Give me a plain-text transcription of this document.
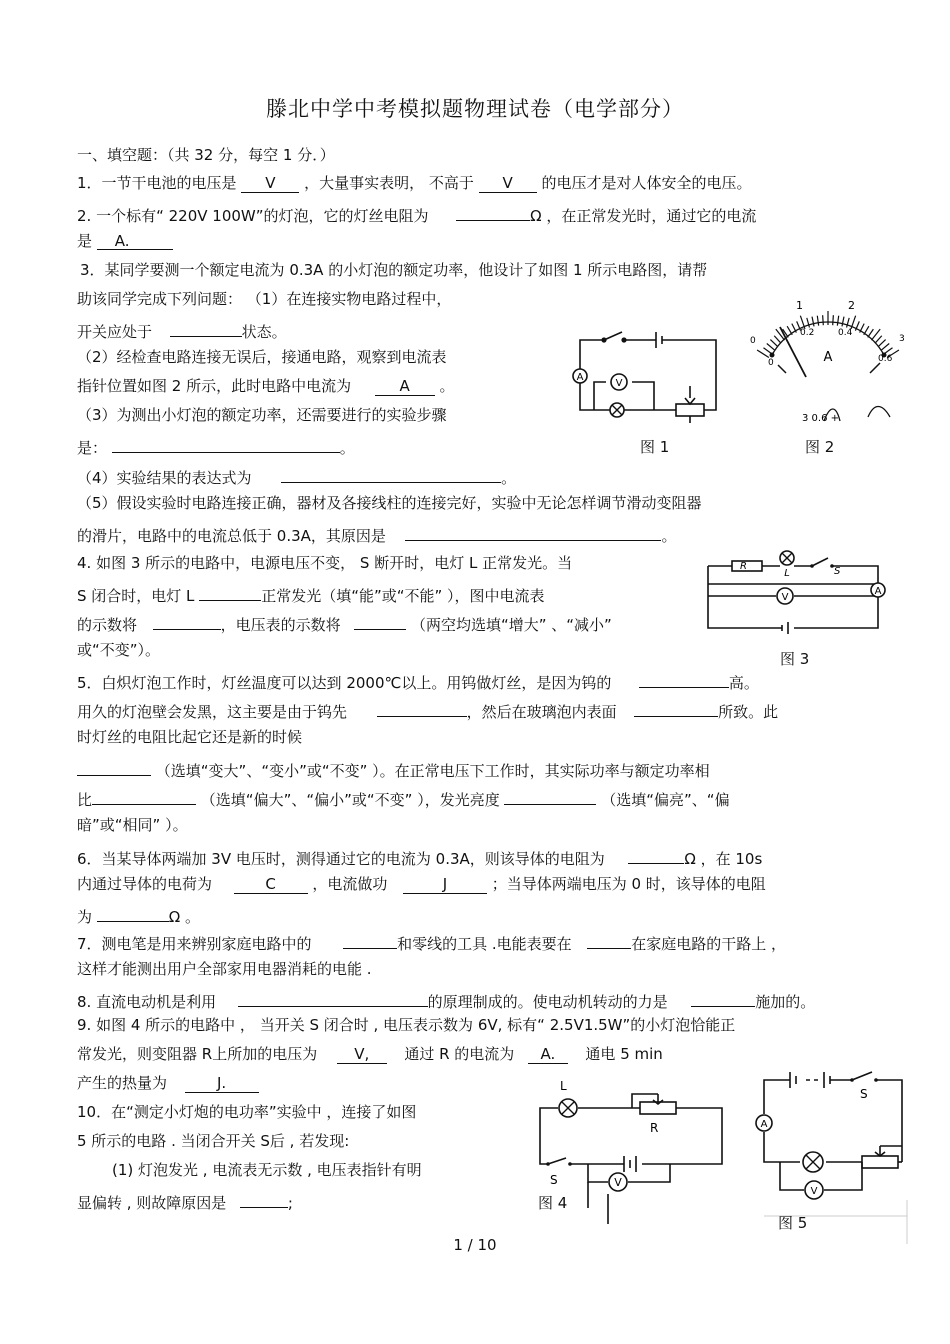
滕北中学中考模拟题物理试卷（电学部分）
一、填空题：（共 32 分，每空 1 分．）
1．一节干电池的电压是 V ，大量事实表明， 不高于 V 的电压才是对人体安全的电压。
2. 一个标有“ 220V 100W”的灯泡，它的灯丝电阻为	Ω ，在正常发光时，通过它的电流
是 A.
3．某同学要测一个额定电流为 0.3A 的小灯泡的额定功率，他设计了如图 1 所示电路图，请帮
助该同学完成下列问题： （1）在连接实物电路过程中，
开关应处于	状态。
（2）经检查电路连接无误后，接通电路，观察到电流表
指针位置如图 2 所示，此时电路中电流为	A 。
（3）为测出小灯泡的额定功率，还需要进行的实验步骤
是：	。
（4）实验结果的表达式为	。
（5）假设实验时电路连接正确，器材及各接线柱的连接完好，实验中无论怎样调节滑动变阻器
的滑片，电路中的电流总低于 0.3A，其原因是	。
A
V
图 1
1	2
0.2	0.4
0	3
0	0.6
A
3 0.6 +
图 2
4. 如图 3 所示的电路中，电源电压不变， S 断开时，电灯 L 正常发光。当
S 闭合时，电灯 L	正常发光（填“能”或“不能” ），图中电流表
的示数将	，电压表的示数将	（两空均选填“增大” 、“减小”
或“不变”）。
R
L	S
V
A
图 3
5．白炽灯泡工作时，灯丝温度可以达到 2000℃以上。用钨做灯丝，是因为钨的	高。
用久的灯泡壁会发黑，这主要是由于钨先	，然后在玻璃泡内表面	所致。此
时灯丝的电阻比起它还是新的时候
（选填“变大”、“变小”或“不变” ）。在正常电压下工作时，其实际功率与额定功率相
比	（选填“偏大”、“偏小”或“不变” ），发光亮度	（选填“偏亮”、“偏
暗”或“相同” ）。
6．当某导体两端加 3V 电压时，测得通过它的电流为 0.3A，则该导体的电阻为	Ω ，在 10s
内通过导体的电荷为	C ，电流做功	J	；当导体两端电压为 0 时，该导体的电阻
为	Ω 。
7．测电笔是用来辨别家庭电路中的	和零线的工具 .电能表要在	在家庭电路的干路上 ，
这样才能测出用户全部家用电器消耗的电能 .
8. 直流电动机是利用	的原理制成的。使电动机转动的力是	施加的。
9. 如图 4 所示的电路中 ， 当开关 S 闭合时 , 电压表示数为 6V, 标有“ 2.5V1.5W”的小灯泡恰能正
常发光，则变阻器 R上所加的电压为 V, 通过 R 的电流为 A. 通电 5 min
产生的热量为	J.
10．在“测定小灯炮的电功率”实验中 ，连接了如图
5 所示的电路 . 当闭合开关 S后 , 若发现:
(1) 灯泡发光 , 电流表无示数 , 电压表指针有明
显偏转 , 则故障原因是	;
L
R
S	V
图 4
A
V
S
图 5
1 / 10
